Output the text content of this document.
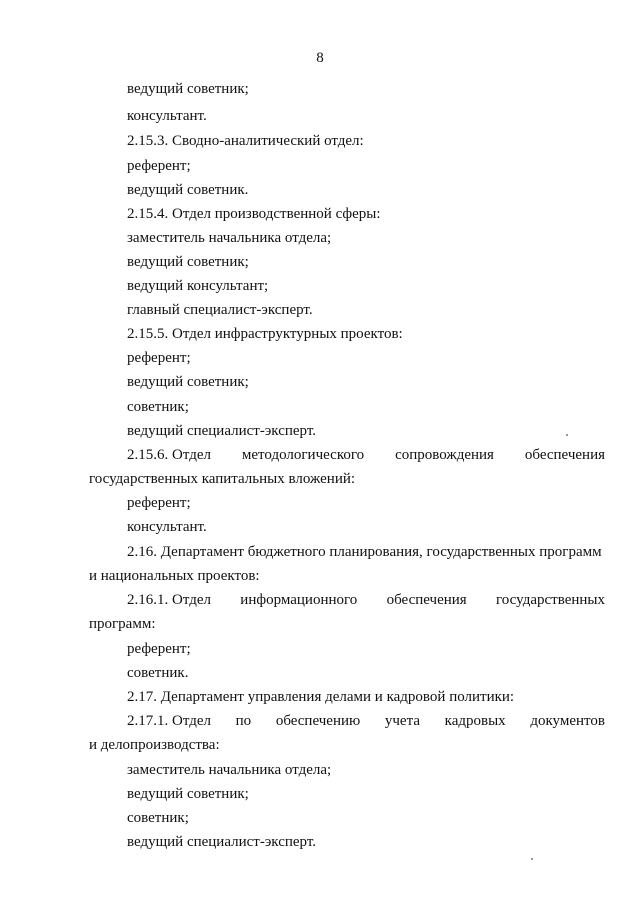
8
ведущий советник;
консультант.
2.15.3. Сводно-аналитический отдел:
референт;
ведущий советник.
2.15.4. Отдел производственной сферы:
заместитель начальника отдела;
ведущий советник;
ведущий консультант;
главный специалист-эксперт.
2.15.5. Отдел инфраструктурных проектов:
референт;
ведущий советник;
советник;
ведущий специалист-эксперт.
2.15.6. Отдел методологического сопровождения обеспечения
государственных капитальных вложений:
референт;
консультант.
2.16. Департамент бюджетного планирования, государственных программ
и национальных проектов:
2.16.1. Отдел информационного обеспечения государственных
программ:
референт;
советник.
2.17. Департамент управления делами и кадровой политики:
2.17.1. Отдел по обеспечению учета кадровых документов
и делопроизводства:
заместитель начальника отдела;
ведущий советник;
советник;
ведущий специалист-эксперт.
